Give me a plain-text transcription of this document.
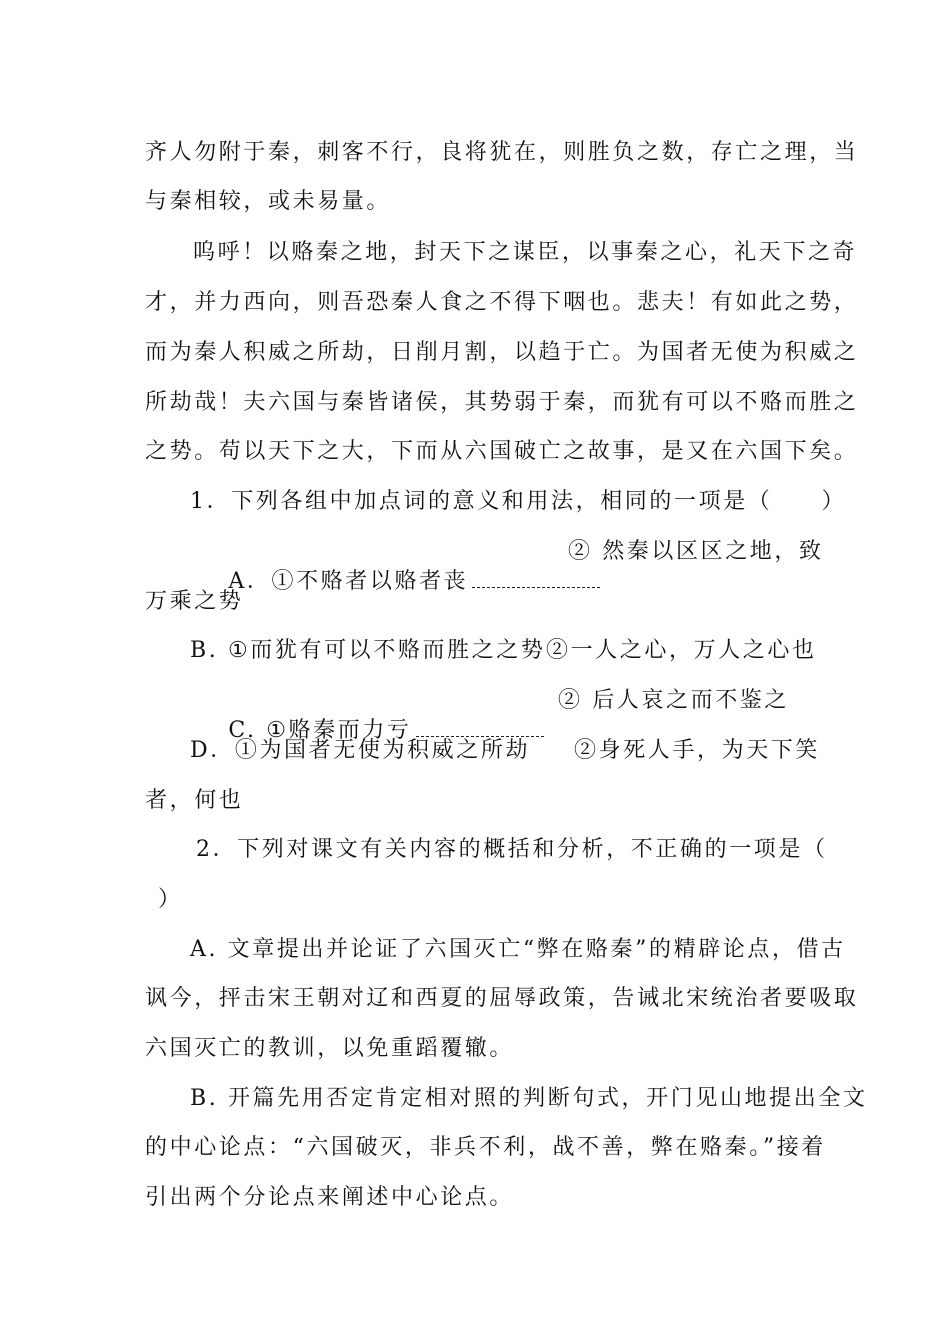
齐人勿附于秦，刺客不行，良将犹在，则胜负之数，存亡之理，当
与秦相较，或未易量。
呜呼！以赂秦之地，封天下之谋臣，以事秦之心，礼天下之奇
才，并力西向，则吾恐秦人食之不得下咽也。悲夫！有如此之势，
而为秦人积威之所劫，日削月割，以趋于亡。为国者无使为积威之
所劫哉！夫六国与秦皆诸侯，其势弱于秦，而犹有可以不赂而胜之
之势。苟以天下之大，下而从六国破亡之故事，是又在六国下矣。
1．下列各组中加点词的意义和用法，相同的一项是（　　）

A．①不赂者以赂者丧

② 然秦以区区之地，致
万乘之势
B. ①而犹有可以不赂而胜之之势 ②一人之心，万人之心也

C. ①赂秦而力亏

② 后人哀之而不鉴之
D．①为国者无使为积威之所劫 ②身死人手，为天下笑
者，何也
2．下列对课文有关内容的概括和分析，不正确的一项是（
）
A. 文章提出并论证了六国灭亡“弊在赂秦”的精辟论点，借古
讽今，抨击宋王朝对辽和西夏的屈辱政策，告诫北宋统治者要吸取
六国灭亡的教训，以免重蹈覆辙。
B. 开篇先用否定肯定相对照的判断句式，开门见山地提出全文
的中心论点：“六国破灭，非兵不利，战不善，弊在赂秦。”接着
引出两个分论点来阐述中心论点。
